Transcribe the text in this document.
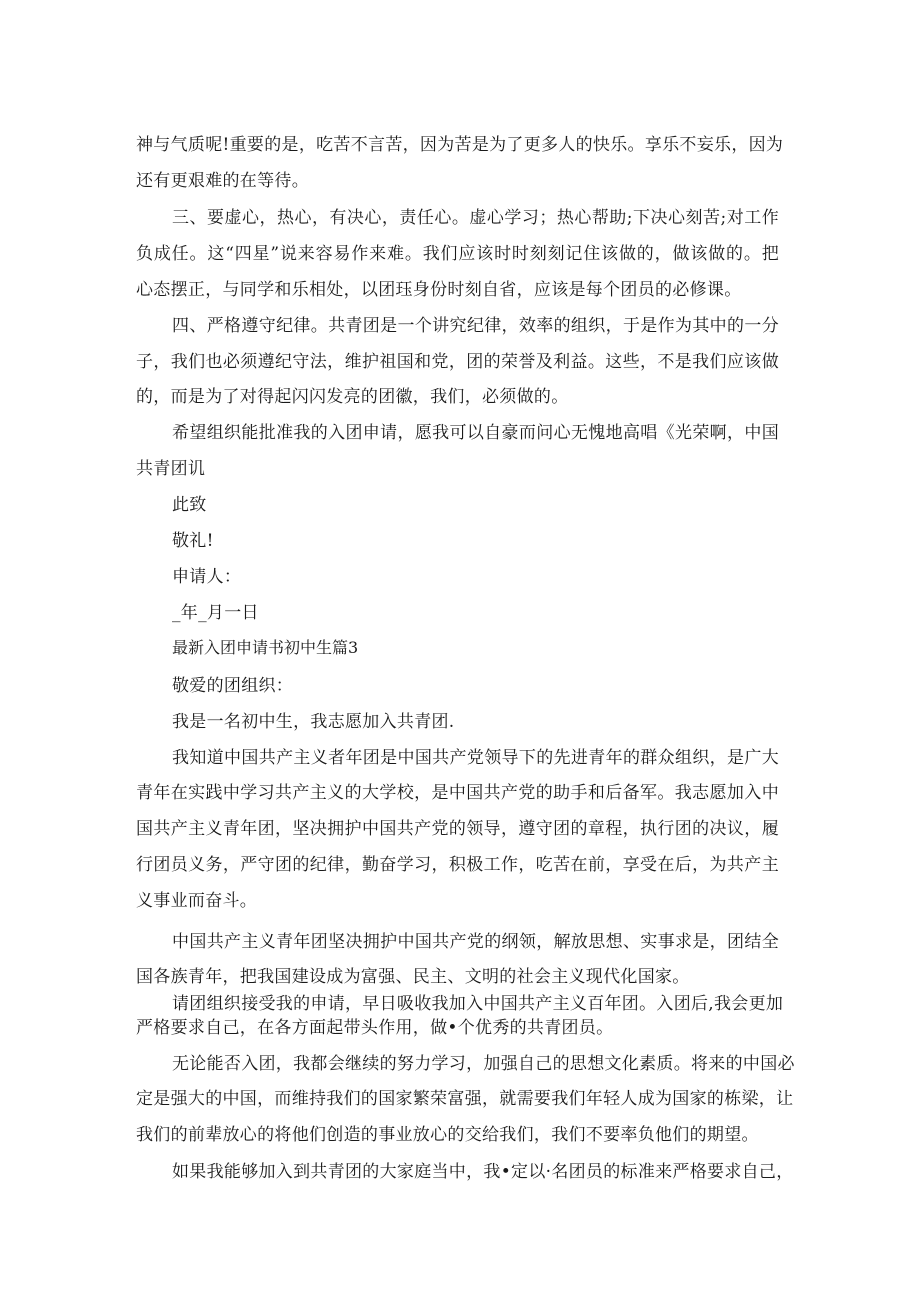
神与气质呢!重要的是，吃苦不言苦，因为苦是为了更多人的快乐。享乐不妄乐，因为
还有更艰难的在等待。
三、要虚心，热心，有决心，责任心。虚心学习；热心帮助;下决心刻苦;对工作
负成任。这“四星”说来容易作来难。我们应该时时刻刻记住该做的，做该做的。把
心态摆正，与同学和乐相处，以团珏身份时刻自省，应该是每个团员的必修课。
四、严格遵守纪律。共青团是一个讲究纪律，效率的组织，于是作为其中的一分
子，我们也必须遵纪守法，维护祖国和党，团的荣誉及利益。这些，不是我们应该做
的，而是为了对得起闪闪发亮的团徽，我们，必须做的。
希望组织能批准我的入团申请，愿我可以自豪而问心无愧地高唱《光荣啊，中国
共青团讥
此致
敬礼!
申请人：
_年_月一日
最新入团申请书初中生篇3
敬爱的团组织：
我是一名初中生，我志愿加入共青团.
我知道中国共产主义者年团是中国共产党领导下的先进青年的群众组织，是广大
青年在实践中学习共产主义的大学校，是中国共产党的助手和后备军。我志愿加入中
国共产主义青年团，坚决拥护中国共产党的领导，遵守团的章程，执行团的决议，履
行团员义务，严守团的纪律，勤奋学习，积极工作，吃苦在前，享受在后，为共产主
义事业而奋斗。
中国共产主义青年团坚决拥护中国共产党的纲领，解放思想、实事求是，团结全
国各族青年，把我国建设成为富强、民主、文明的社会主义现代化国家。
请团组织接受我的申请，早日吸收我加入中国共产主义百年团。入团后,我会更加
严格要求自己，在各方面起带头作用，做•个优秀的共青团员。
无论能否入团，我都会继续的努力学习，加强自己的思想文化素质。将来的中国必
定是强大的中国，而维持我们的国家繁荣富强，就需要我们年轻人成为国家的栋梁，让
我们的前辈放心的将他们创造的事业放心的交给我们，我们不要率负他们的期望。
如果我能够加入到共青团的大家庭当中，我•定以·名团员的标准来严格要求自己，
